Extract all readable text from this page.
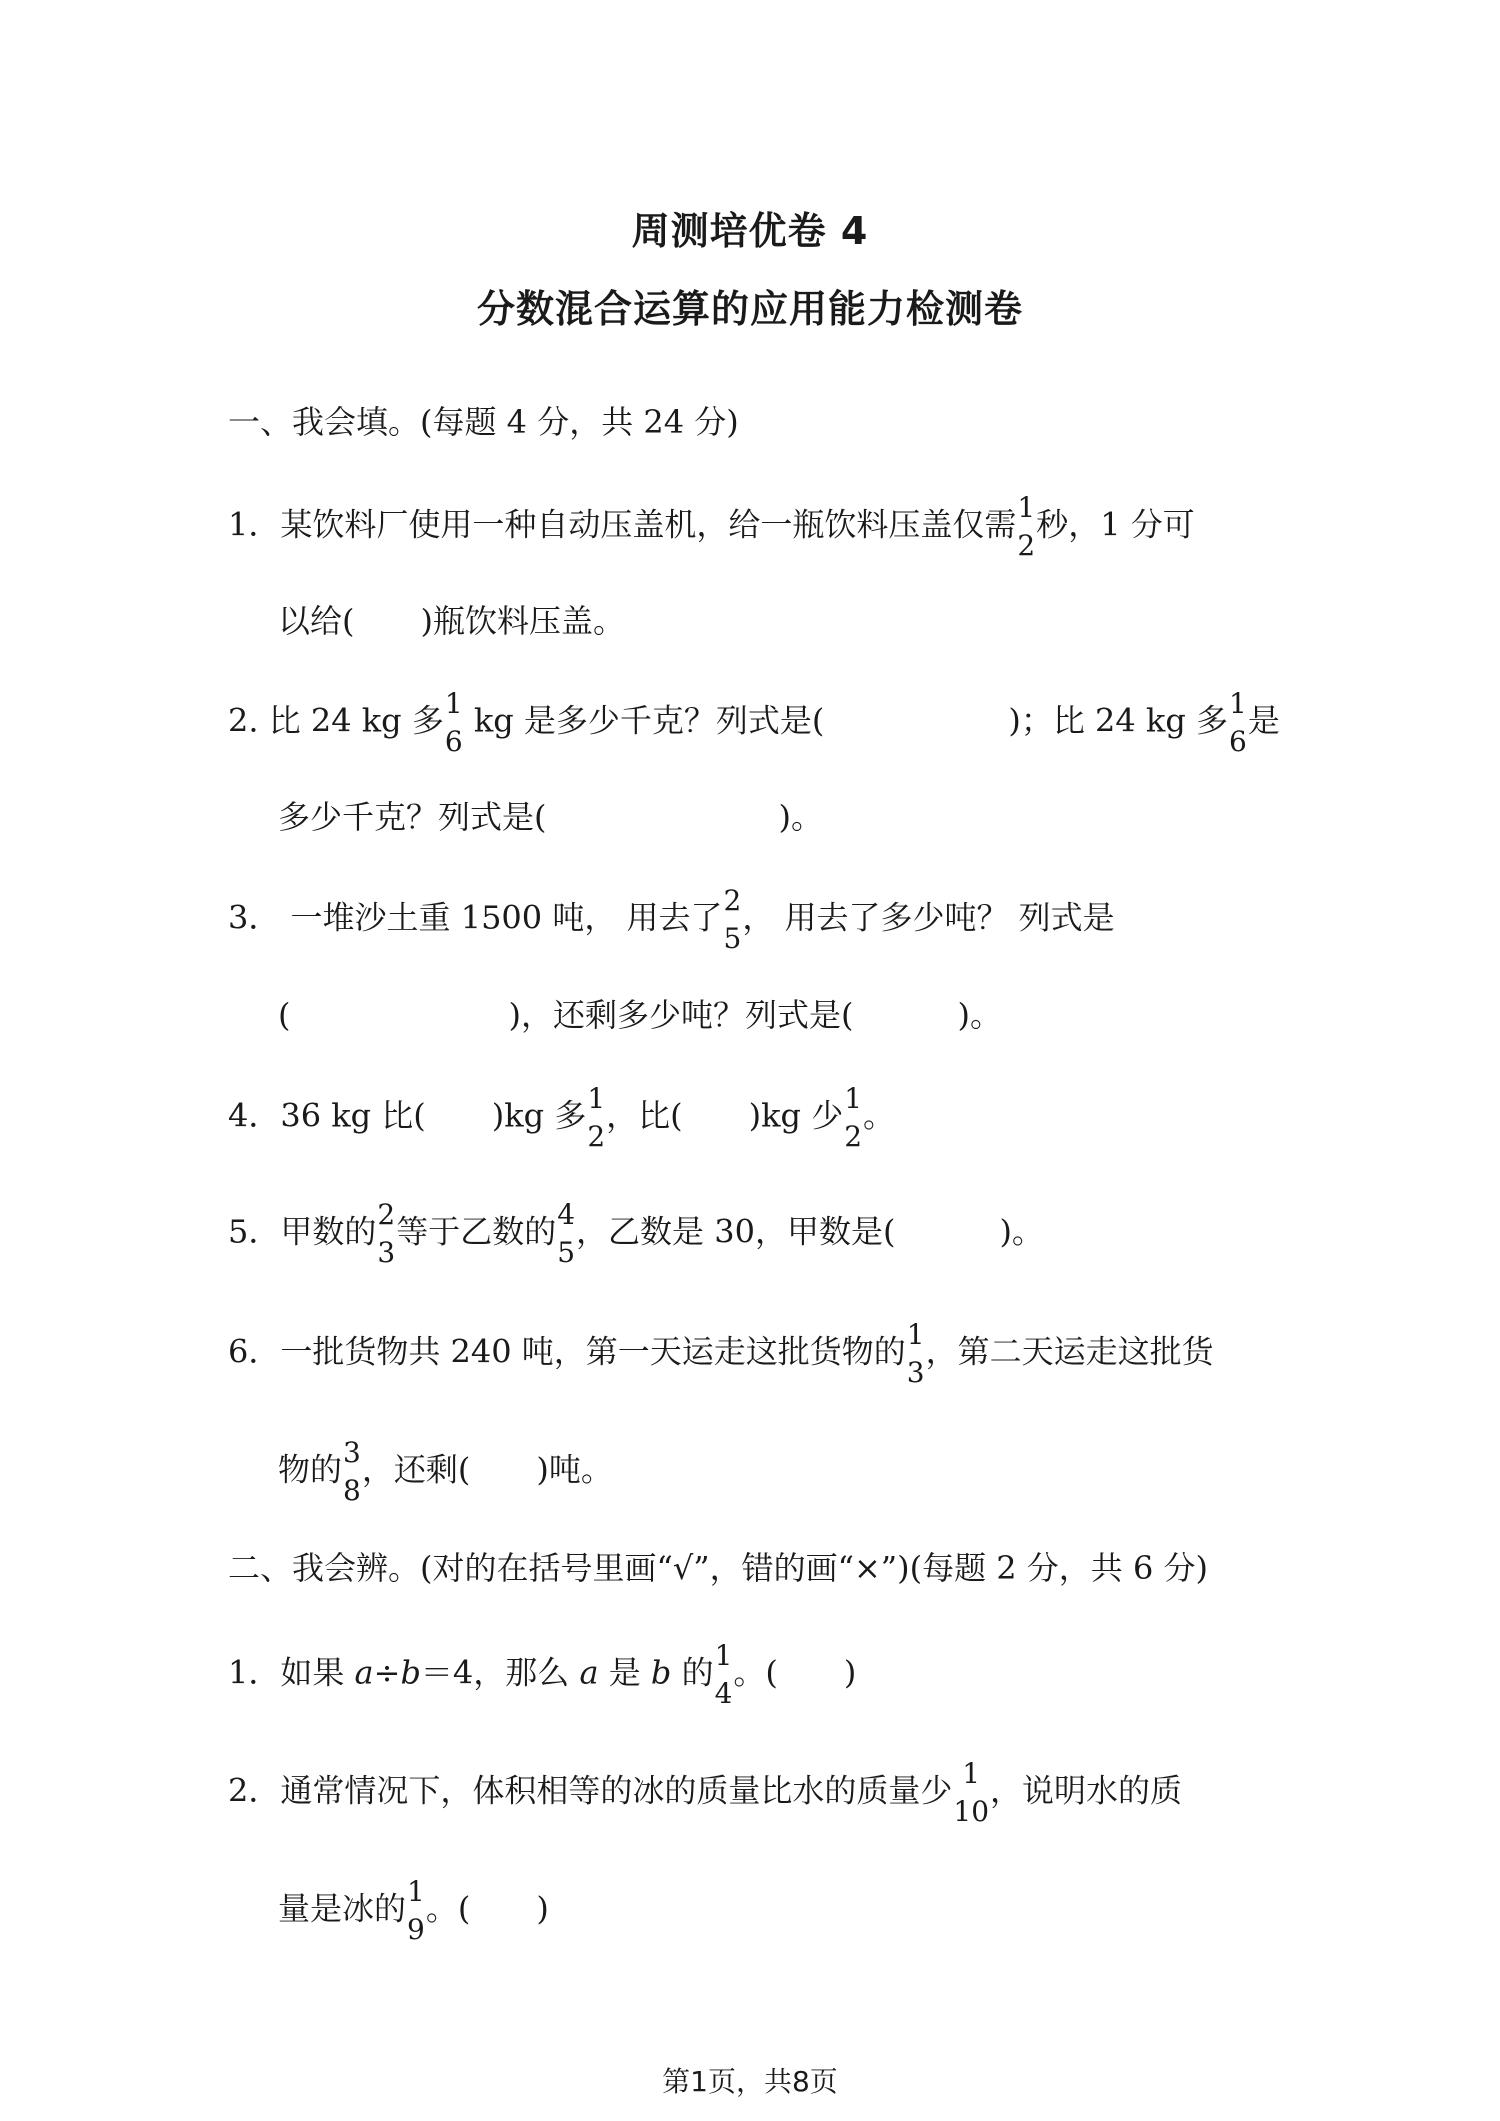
周测培优卷 4
分数混合运算的应用能力检测卷
一、我会填。(每题 4 分，共 24 分)
1．某饮料厂使用一种自动压盖机，给一瓶饮料压盖仅需 1
2
秒，1 分可
以给( )瓶饮料压盖。
2. 比 24 kg 多 1
6
kg 是多少千克？列式是(	)；比 24 kg 多 1
6
是
多少千克？列式是(	)。
3． 一堆沙土重 1500 吨， 用去了 2
5
， 用去了多少吨？ 列式是
(	)，还剩多少吨？列式是(	)。
4．36 kg 比( )kg 多 1
2
，比( )kg 少 1
2
。
5．甲数的 2
3
等于乙数的 4
5
，乙数是 30，甲数是(	)。
6．一批货物共 240 吨，第一天运走这批货物的 1
3
，第二天运走这批货
物的 3
8
，还剩( )吨。
二、我会辨。(对的在括号里画“√”，错的画“×”)(每题 2 分，共 6 分)
1．如果 a÷b＝4，那么 a 是 b 的 1
4
。( )
2．通常情况下，体积相等的冰的质量比水的质量少 1
10
，说明水的质
量是冰的 1
9
。( )
第1页，共8页
